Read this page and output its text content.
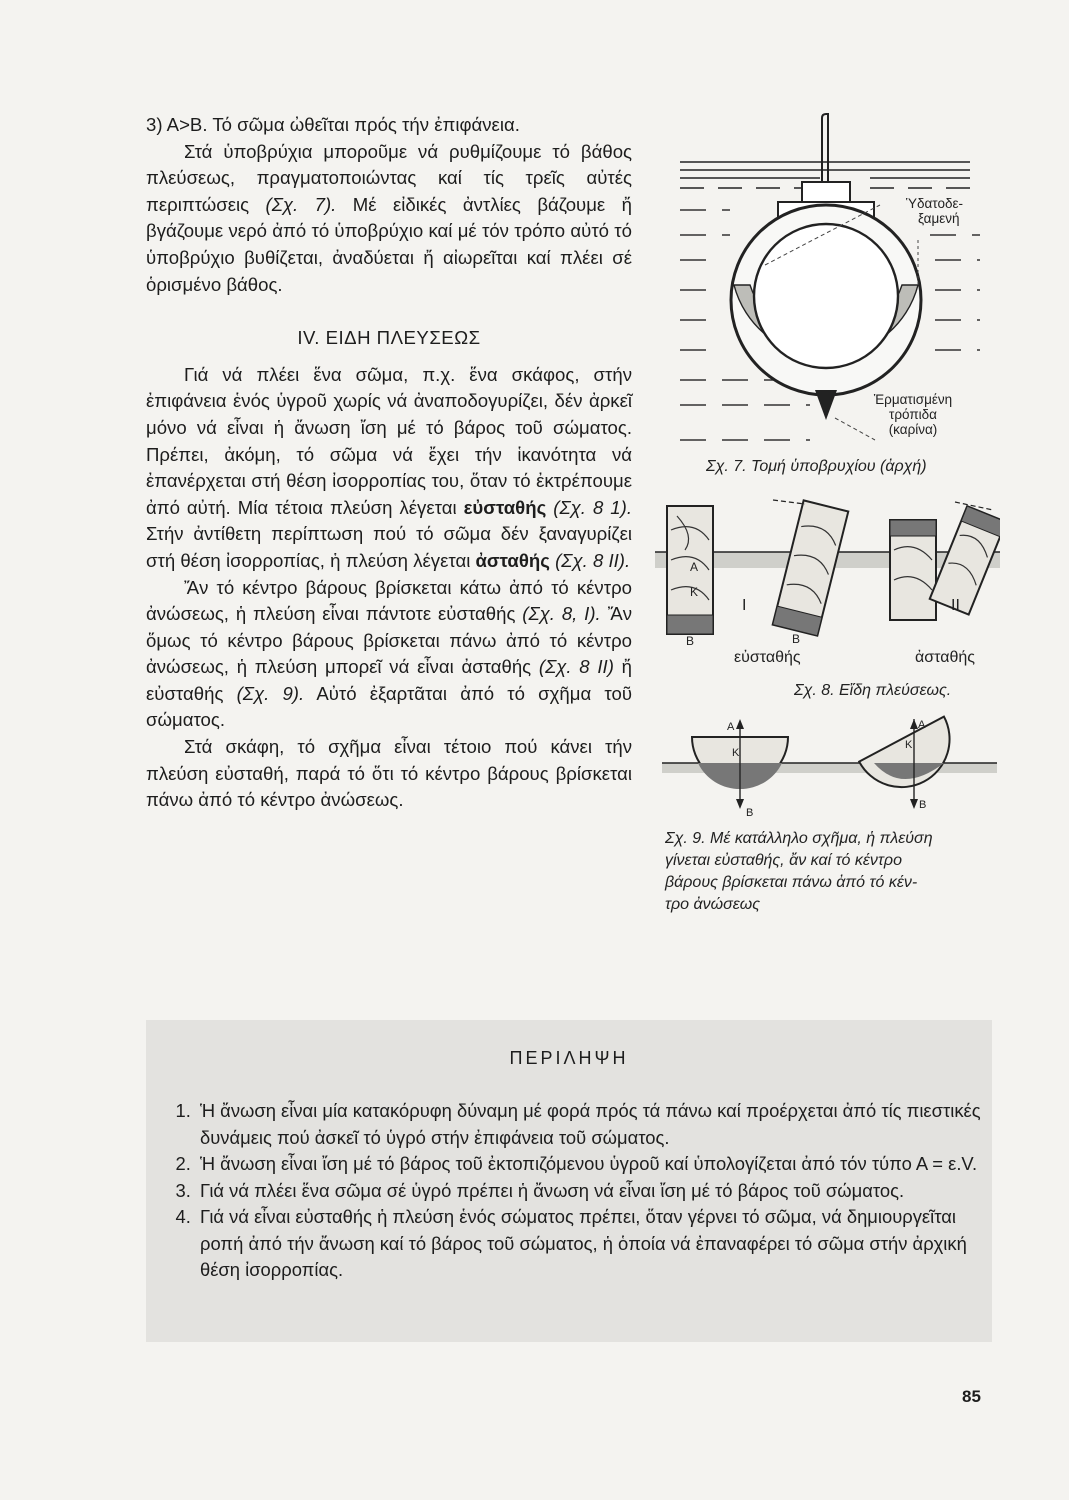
3) Α>Β. Τό σῶμα ὠθεῖται πρός τήν ἐπιφάνεια.

Στά ὑποβρύχια μποροῦμε νά ρυθμίζουμε τό βάθος πλεύσεως, πραγματοποιώντας καί τίς τρεῖς αὐτές περιπτώσεις (Σχ. 7). Μέ εἰδικές ἀντλίες βάζουμε ἤ βγάζουμε νερό ἀπό τό ὑποβρύχιο καί μέ τόν τρόπο αὐτό τό ὑποβρύχιο βυθίζεται, ἀναδύεται ἤ αἰωρεῖται καί πλέει σέ ὁρισμένο βάθος.

IV. ΕΙΔΗ ΠΛΕΥΣΕΩΣ

Γιά νά πλέει ἕνα σῶμα, π.χ. ἕνα σκάφος, στήν ἐπιφάνεια ἑνός ὑγροῦ χωρίς νά ἀναποδογυρίζει, δέν ἀρκεῖ μόνο νά εἶναι ἡ ἄνωση ἴση μέ τό βάρος τοῦ σώματος. Πρέπει, ἀκόμη, τό σῶμα νά ἔχει τήν ἱκανότητα νά ἐπανέρχεται στή θέση ἰσορροπίας του, ὅταν τό ἐκτρέπουμε ἀπό αὐτή. Μία τέτοια πλεύση λέγεται εὐσταθής (Σχ. 8 1). Στήν ἀντίθετη περίπτωση πού τό σῶμα δέν ξαναγυρίζει στή θέση ἰσορροπίας, ἡ πλεύση λέγεται ἀσταθής (Σχ. 8 II).

Ἄν τό κέντρο βάρους βρίσκεται κάτω ἀπό τό κέντρο ἀνώσεως, ἡ πλεύση εἶναι πάντοτε εὐσταθής (Σχ. 8, I). Ἄν ὅμως τό κέντρο βάρους βρίσκεται πάνω ἀπό τό κέντρο ἀνώσεως, ἡ πλεύση μπορεῖ νά εἶναι ἀσταθής (Σχ. 8 II) ἤ εὐσταθής (Σχ. 9). Αὐτό ἐξαρτᾶται ἀπό τό σχῆμα τοῦ σώματος.

Στά σκάφη, τό σχῆμα εἶναι τέτοιο πού κάνει τήν πλεύση εὐσταθή, παρά τό ὅτι τό κέντρο βάρους βρίσκεται πάνω ἀπό τό κέντρο ἀνώσεως.

Ὑδατοδε-
ξαμενή
Ἑρματισμένη
τρόπιδα
(καρίνα)
Σχ. 7. Τομή ὑποβρυχίου (ἀρχή)
I	II
Β	Β
Α
Κ
εὐσταθής	ἀσταθής
Σχ. 8. Εἴδη πλεύσεως.
Α
Β
Α
Β
Κ
Κ
Σχ. 9. Μέ κατάλληλο σχῆμα, ἡ πλεύση
γίνεται εὐσταθής, ἄν καί τό κέντρο
βάρους βρίσκεται πάνω ἀπό τό κέν-
τρο ἀνώσεως
ΠΕΡΙΛΗΨΗ
1. Ἡ ἄνωση εἶναι μία κατακόρυφη δύναμη μέ φορά πρός τά πάνω καί προέρχεται ἀπό τίς πιεστικές δυνάμεις πού ἀσκεῖ τό ὑγρό στήν ἐπιφάνεια τοῦ σώματος.
2. Ἡ ἄνωση εἶναι ἴση μέ τό βάρος τοῦ ἐκτοπιζόμενου ὑγροῦ καί ὑπολογίζεται ἀπό τόν τύπο Α = ε.V.
3. Γιά νά πλέει ἕνα σῶμα σέ ὑγρό πρέπει ἡ ἄνωση νά εἶναι ἴση μέ τό βάρος τοῦ σώματος.
4. Γιά νά εἶναι εὐσταθής ἡ πλεύση ἑνός σώματος πρέπει, ὅταν γέρνει τό σῶμα, νά δημιουργεῖται ροπή ἀπό τήν ἄνωση καί τό βάρος τοῦ σώματος, ἡ ὁποία νά ἐπαναφέρει τό σῶμα στήν ἀρχική θέση ἰσορροπίας.
85
